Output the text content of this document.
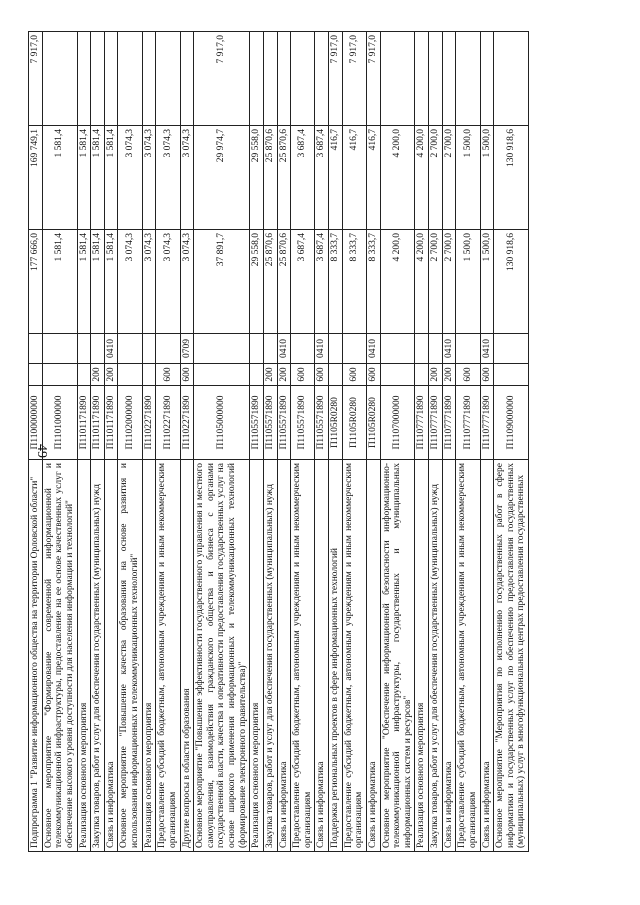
49
Подпрограмма 1 "Развитие информационного общества на территории Орловской области"	П1100000000			177 666,0	169 749,1	7 917,0
Основное мероприятие "Формирование современной информационной и телекоммуникационной инфраструктуры, предоставление на ее основе качественных услуг и обеспечение высокого уровня доступности для населения информации и технологий"	П1101000000			1 581,4	1 581,4	
Реализация основного мероприятия	П1101171890			1 581,4	1 581,4	
Закупка товаров, работ и услуг для обеспечения государственных (муниципальных) нужд	П1101171890	200		1 581,4	1 581,4	
Связь и информатика	П1101171890	200	0410	1 581,4	1 581,4	
Основное мероприятие "Повышение качества образования на основе развития и использования информационных и телекоммуникационных технологий"	П1102000000			3 074,3	3 074,3	
Реализация основного мероприятия	П1102271890			3 074,3	3 074,3	
Предоставление субсидий бюджетным, автономным учреждениям и иным некоммерческим организациям	П1102271890	600		3 074,3	3 074,3	
Другие вопросы в области образования	П1102271890	600	0709	3 074,3	3 074,3	
Основное мероприятие "Повышение эффективности государственного управления и местного самоуправления, взаимодействия гражданского общества и бизнеса с органами государственной власти, качества и оперативности предоставления государственных услуг на основе широкого применения информационных и телекоммуникационных технологий (формирование электронного правительства)"	П1105000000			37 891,7	29 974,7	7 917,0
Реализация основного мероприятия	П1105571890			29 558,0	29 558,0	
Закупка товаров, работ и услуг для обеспечения государственных (муниципальных) нужд	П1105571890	200		25 870,6	25 870,6	
Связь и информатика	П1105571890	200	0410	25 870,6	25 870,6	
Предоставление субсидий бюджетным, автономным учреждениям и иным некоммерческим организациям	П1105571890	600		3 687,4	3 687,4	
Связь и информатика	П1105571890	600	0410	3 687,4	3 687,4	
Поддержка региональных проектов в сфере информационных технологий	П1105R0280			8 333,7	416,7	7 917,0
Предоставление субсидий бюджетным, автономным учреждениям и иным некоммерческим организациям	П1105R0280	600		8 333,7	416,7	7 917,0
Связь и информатика	П1105R0280	600	0410	8 333,7	416,7	7 917,0
Основное мероприятие "Обеспечение информационной безопасности информационно-телекоммуникационной инфраструктуры, государственных и муниципальных информационных систем и ресурсов"	П1107000000			4 200,0	4 200,0	
Реализация основного мероприятия	П1107771890			4 200,0	4 200,0	
Закупка товаров, работ и услуг для обеспечения государственных (муниципальных) нужд	П1107771890	200		2 700,0	2 700,0	
Связь и информатика	П1107771890	200	0410	2 700,0	2 700,0	
Предоставление субсидий бюджетным, автономным учреждениям и иным некоммерческим организациям	П1107771890	600		1 500,0	1 500,0	
Связь и информатика	П1107771890	600	0410	1 500,0	1 500,0	
Основное мероприятие "Мероприятия по исполнению государственных работ в сфере информатики и государственных услуг по обеспечению предоставления государственных (муниципальных) услуг в многофункциональных центрах предоставления государственных	П1109000000			130 918,6	130 918,6	
